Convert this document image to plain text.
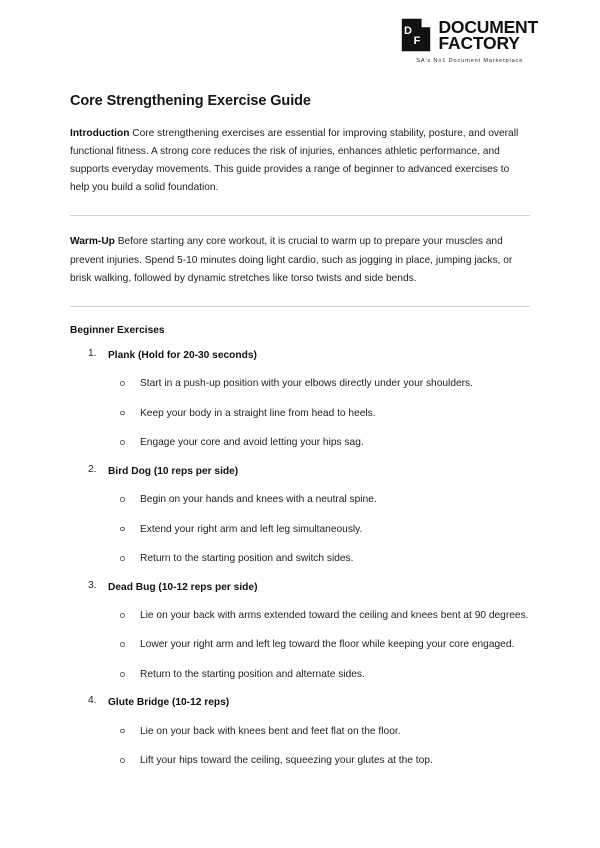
D
F
DOCUMENT
FACTORY
SA's No1 Document Marketplace
Core Strengthening Exercise Guide

Introduction Core strengthening exercises are essential for improving stability, posture, and overall functional fitness. A strong core reduces the risk of injuries, enhances athletic performance, and supports everyday movements. This guide provides a range of beginner to advanced exercises to help you build a solid foundation.

Warm-Up Before starting any core workout, it is crucial to warm up to prepare your muscles and prevent injuries. Spend 5-10 minutes doing light cardio, such as jogging in place, jumping jacks, or brisk walking, followed by dynamic stretches like torso twists and side bends.

Beginner Exercises
1. Plank (Hold for 20-30 seconds)
Start in a push-up position with your elbows directly under your shoulders.
Keep your body in a straight line from head to heels.
Engage your core and avoid letting your hips sag.
2. Bird Dog (10 reps per side)
Begin on your hands and knees with a neutral spine.
Extend your right arm and left leg simultaneously.
Return to the starting position and switch sides.
3. Dead Bug (10-12 reps per side)
Lie on your back with arms extended toward the ceiling and knees bent at 90 degrees.
Lower your right arm and left leg toward the floor while keeping your core engaged.
Return to the starting position and alternate sides.
4. Glute Bridge (10-12 reps)
Lie on your back with knees bent and feet flat on the floor.
Lift your hips toward the ceiling, squeezing your glutes at the top.
